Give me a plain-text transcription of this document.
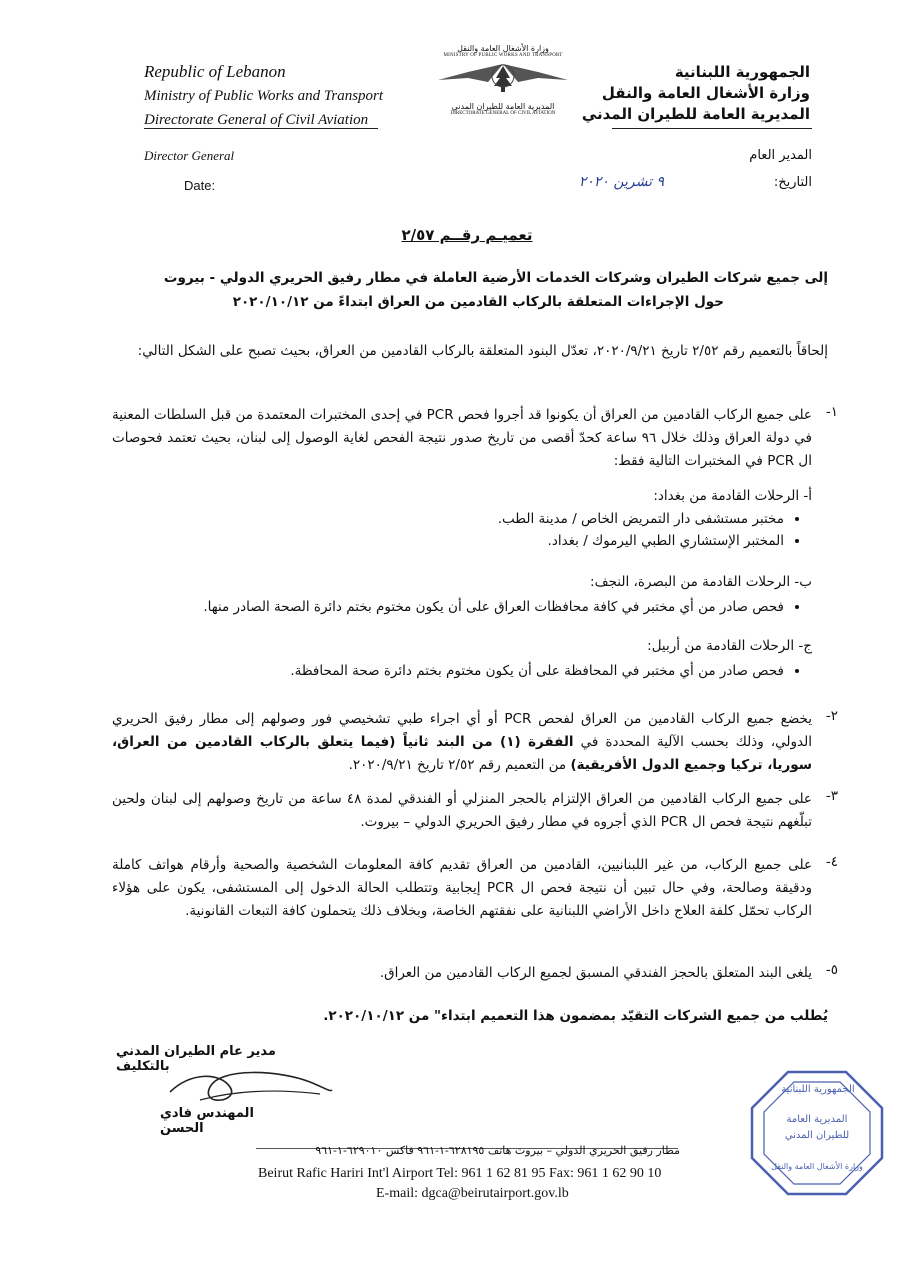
Republic of Lebanon
Ministry of Public Works and Transport
Directorate General of Civil Aviation
وزارة الأشغال العامة والنقل
MINISTRY OF PUBLIC WORKS AND TRANSPORT
المديرية العامة للطيران المدني
DIRECTORATE GENERAL OF CIVIL AVIATION
الجمهورية اللبنانية
وزارة الأشغال العامة والنقل
المديرية العامة للطيران المدني
Director General	المدير العام
Date:	التاريخ:
٩ تشرين ٢٠٢٠
تعميـم رقــم ٢/٥٧
إلى جميع شركات الطيران وشركات الخدمات الأرضية العاملة في مطار رفيق الحريري الدولي - بيروت
حول الإجراءات المتعلقة بالركاب القادمين من العراق ابتداءً من ٢٠٢٠/١٠/١٢
إلحاقاً بالتعميم رقم ٢/٥٢ تاريخ ٢٠٢٠/٩/٢١، تعدّل البنود المتعلقة بالركاب القادمين من العراق، بحيث تصبح على الشكل التالي:
١-
على جميع الركاب القادمين من العراق أن يكونوا قد أجروا فحص PCR في إحدى المختبرات المعتمدة من قبل السلطات المعنية في دولة العراق وذلك خلال ٩٦ ساعة كحدّ أقصى من تاريخ صدور نتيجة الفحص لغاية الوصول إلى لبنان، بحيث تعتمد فحوصات ال PCR في المختبرات التالية فقط:
أ- الرحلات القادمة من بغداد:
• مختبر مستشفى دار التمريض الخاص / مدينة الطب.
• المختبر الإستشاري الطبي اليرموك / بغداد.
ب- الرحلات القادمة من البصرة، النجف:
• فحص صادر من أي مختبر في كافة محافظات العراق على أن يكون مختوم بختم دائرة الصحة الصادر منها.
ج- الرحلات القادمة من أربيل:
• فحص صادر من أي مختبر في المحافظة على أن يكون مختوم بختم دائرة صحة المحافظة.
٢-
يخضع جميع الركاب القادمين من العراق لفحص PCR أو أي اجراء طبي تشخيصي فور وصولهم إلى مطار رفيق الحريري الدولي، وذلك بحسب الآلية المحددة في الفقرة (١) من البند ثانياً (فيما يتعلق بالركاب القادمين من العراق، سوريا، تركيا وجميع الدول الأفريقية) من التعميم رقم ٢/٥٢ تاريخ ٢٠٢٠/٩/٢١.
٣-
على جميع الركاب القادمين من العراق الإلتزام بالحجر المنزلي أو الفندقي لمدة ٤٨ ساعة من تاريخ وصولهم إلى لبنان ولحين تبلّغهم نتيجة فحص ال PCR الذي أجروه في مطار رفيق الحريري الدولي – بيروت.
٤-
على جميع الركاب، من غير اللبنانيين، القادمين من العراق تقديم كافة المعلومات الشخصية والصحية وأرقام هواتف كاملة ودقيقة وصالحة، وفي حال تبين أن نتيجة فحص ال PCR إيجابية وتتطلب الحالة الدخول إلى المستشفى، يكون على هؤلاء الركاب تحمّل كلفة العلاج داخل الأراضي اللبنانية على نفقتهم الخاصة، وبخلاف ذلك يتحملون كافة التبعات القانونية.
٥-
يلغى البند المتعلق بالحجز الفندقي المسبق لجميع الركاب القادمين من العراق.
يُطلب من جميع الشركات التقيّد بمضمون هذا التعميم ابتداء" من ٢٠٢٠/١٠/١٢.
مدير عام الطيران المدني بالتكليف
المهندس فادي الحسن
الجمهورية اللبنانية
المديرية العامة
للطيران المدني
وزارة الأشغال العامة والنقل
مطار رفيق الحريري الدولي – بيروت هاتف ٦٢٨١٩٥-١-٩٦١ فاكس ٦٢٩٠١٠-١-٩٦١
Beirut Rafic Hariri Int'l Airport Tel: 961 1 62 81 95 Fax: 961 1 62 90 10
E-mail: dgca@beirutairport.gov.lb
